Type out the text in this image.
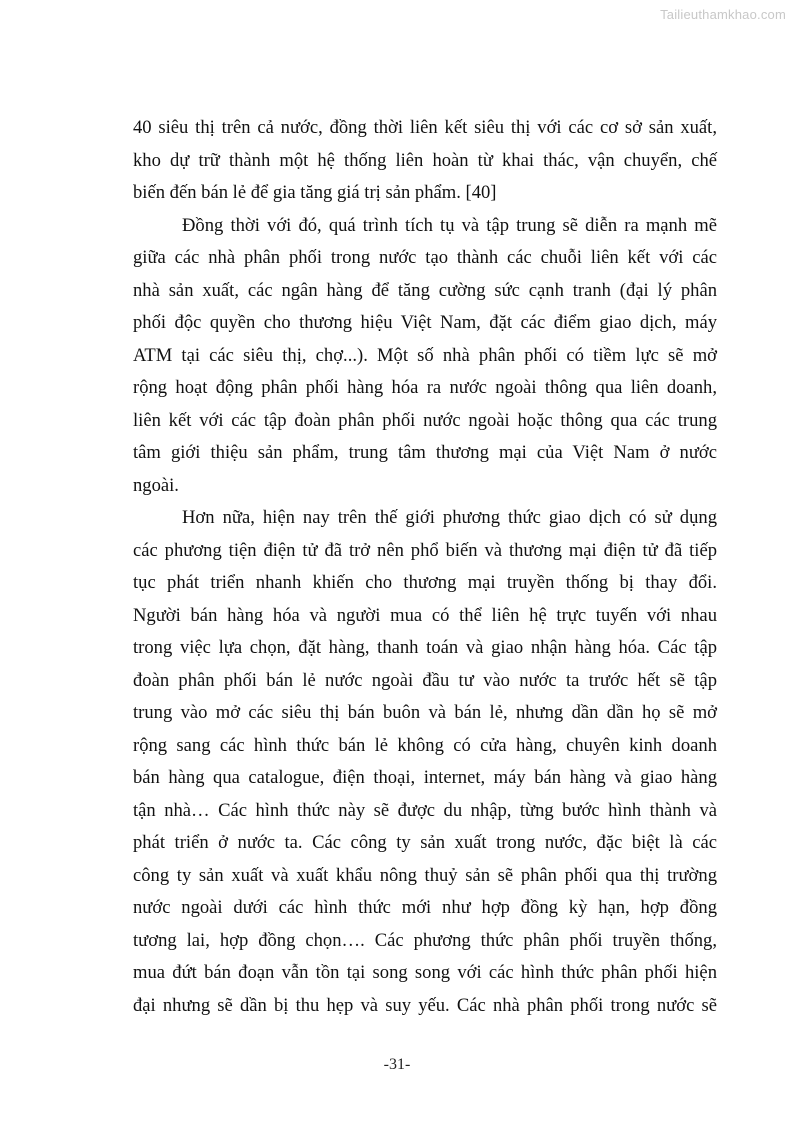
Tailieuthamkhao.com
40 siêu thị trên cả nước, đồng thời liên kết siêu thị với các cơ sở sản xuất,
kho dự trữ thành một hệ thống liên hoàn từ khai thác, vận chuyển, chế
biến đến bán lẻ để gia tăng giá trị sản phẩm. [40]
Đồng thời với đó, quá trình tích tụ và tập trung sẽ diễn ra mạnh mẽ
giữa các nhà phân phối trong nước tạo thành các chuỗi liên kết với các
nhà sản xuất, các ngân hàng để tăng cường sức cạnh tranh (đại lý phân
phối độc quyền cho thương hiệu Việt Nam, đặt các điểm giao dịch, máy
ATM tại các siêu thị, chợ...). Một số nhà phân phối có tiềm lực sẽ mở
rộng hoạt động phân phối hàng hóa ra nước ngoài thông qua liên doanh,
liên kết với các tập đoàn phân phối nước ngoài hoặc thông qua các trung
tâm giới thiệu sản phẩm, trung tâm thương mại của Việt Nam ở nước
ngoài.
Hơn nữa, hiện nay trên thế giới phương thức giao dịch có sử dụng
các phương tiện điện tử đã trở nên phổ biến và thương mại điện tử đã tiếp
tục phát triển nhanh khiến cho thương mại truyền thống bị thay đổi.
Người bán hàng hóa và người mua có thể liên hệ trực tuyến với nhau
trong việc lựa chọn, đặt hàng, thanh toán và giao nhận hàng hóa. Các tập
đoàn phân phối bán lẻ nước ngoài đầu tư vào nước ta trước hết sẽ tập
trung vào mở các siêu thị bán buôn và bán lẻ, nhưng dần dần họ sẽ mở
rộng sang các hình thức bán lẻ không có cửa hàng, chuyên kinh doanh
bán hàng qua catalogue, điện thoại, internet, máy bán hàng và giao hàng
tận nhà… Các hình thức này sẽ được du nhập, từng bước hình thành và
phát triển ở nước ta. Các công ty sản xuất trong nước, đặc biệt là các
công ty sản xuất và xuất khẩu nông thuỷ sản sẽ phân phối qua thị trường
nước ngoài dưới các hình thức mới như hợp đồng kỳ hạn, hợp đồng
tương lai, hợp đồng chọn…. Các phương thức phân phối truyền thống,
mua đứt bán đoạn vẫn tồn tại song song với các hình thức phân phối hiện
đại nhưng sẽ dần bị thu hẹp và suy yếu. Các nhà phân phối trong nước sẽ
-31-
